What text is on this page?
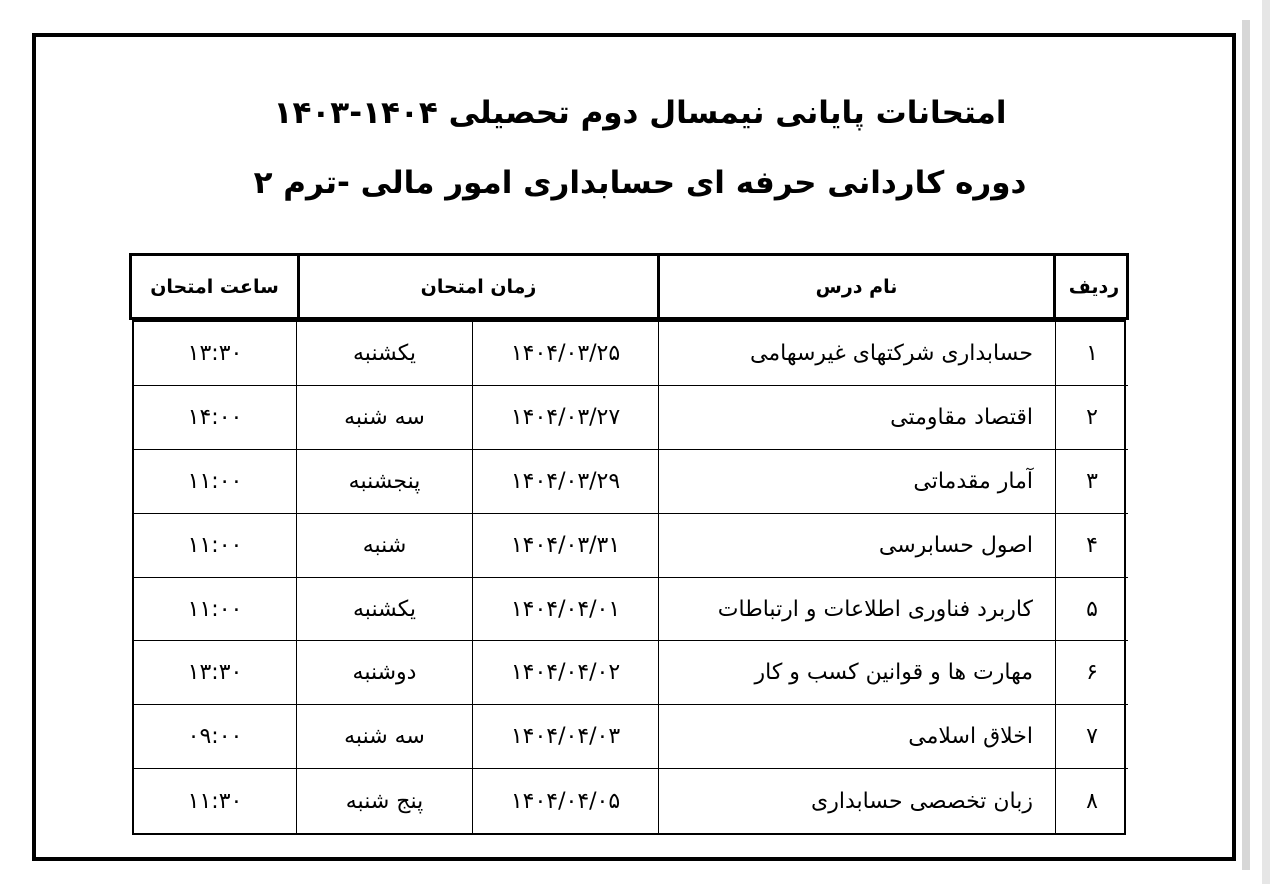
امتحانات پایانی نیمسال دوم تحصیلی ۱۴۰۴-۱۴۰۳
دوره کاردانی حرفه ای حسابداری امور مالی -ترم ۲
ساعت امتحان	زمان امتحان	نام درس	ردیف
۱۳:۳۰	یکشنبه	۱۴۰۴/۰۳/۲۵	حسابداری شرکتهای غیرسهامی	۱
۱۴:۰۰	سه شنبه	۱۴۰۴/۰۳/۲۷	اقتصاد مقاومتی	۲
۱۱:۰۰	پنجشنبه	۱۴۰۴/۰۳/۲۹	آمار مقدماتی	۳
۱۱:۰۰	شنبه	۱۴۰۴/۰۳/۳۱	اصول حسابرسی	۴
۱۱:۰۰	یکشنبه	۱۴۰۴/۰۴/۰۱	کاربرد فناوری اطلاعات و ارتباطات	۵
۱۳:۳۰	دوشنبه	۱۴۰۴/۰۴/۰۲	مهارت ها و قوانین کسب و کار	۶
۰۹:۰۰	سه شنبه	۱۴۰۴/۰۴/۰۳	اخلاق اسلامی	۷
۱۱:۳۰	پنج شنبه	۱۴۰۴/۰۴/۰۵	زبان تخصصی حسابداری	۸
